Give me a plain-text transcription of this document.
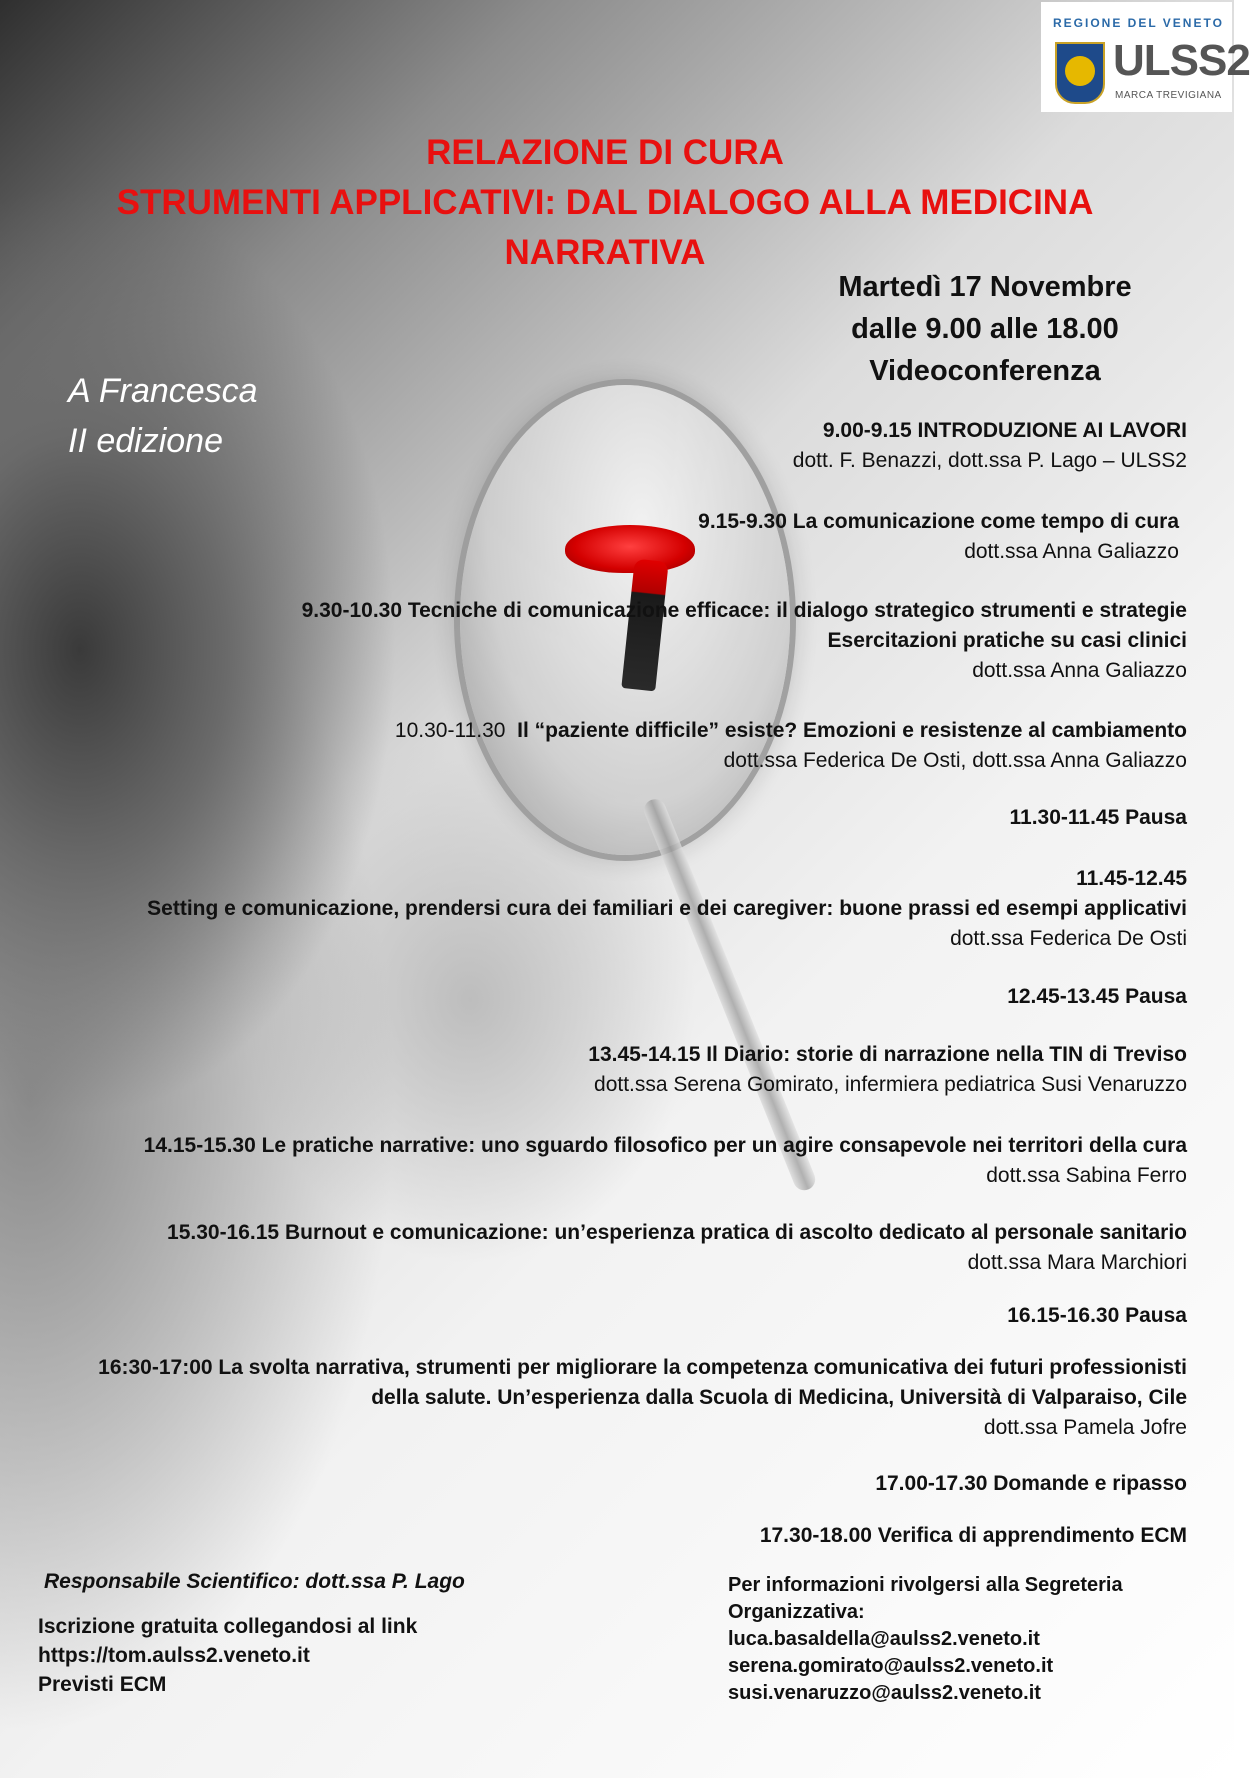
REGIONE DEL VENETO
ULSS2
MARCA TREVIGIANA
RELAZIONE DI CURA
STRUMENTI APPLICATIVI: DAL DIALOGO ALLA MEDICINA
NARRATIVA
Martedì 17 Novembre
dalle 9.00 alle 18.00
Videoconferenza
A Francesca
II edizione	9.00-9.15 INTRODUZIONE AI LAVORI
dott. F. Benazzi, dott.ssa P. Lago – ULSS2
9.15-9.30 La comunicazione come tempo di cura
dott.ssa Anna Galiazzo
9.30-10.30 Tecniche di comunicazione efficace: il dialogo strategico strumenti e strategie
Esercitazioni pratiche su casi clinici
dott.ssa Anna Galiazzo
10.30-11.30 Il “paziente difficile” esiste? Emozioni e resistenze al cambiamento
dott.ssa Federica De Osti, dott.ssa Anna Galiazzo
11.30-11.45 Pausa
11.45-12.45
Setting e comunicazione, prendersi cura dei familiari e dei caregiver: buone prassi ed esempi applicativi
dott.ssa Federica De Osti
12.45-13.45 Pausa
13.45-14.15 Il Diario: storie di narrazione nella TIN di Treviso
dott.ssa Serena Gomirato, infermiera pediatrica Susi Venaruzzo
14.15-15.30 Le pratiche narrative: uno sguardo filosofico per un agire consapevole nei territori della cura
dott.ssa Sabina Ferro
15.30-16.15 Burnout e comunicazione: un’esperienza pratica di ascolto dedicato al personale sanitario
dott.ssa Mara Marchiori
16.15-16.30 Pausa
16:30-17:00 La svolta narrativa, strumenti per migliorare la competenza comunicativa dei futuri professionisti
della salute. Un’esperienza dalla Scuola di Medicina, Università di Valparaiso, Cile
dott.ssa Pamela Jofre
17.00-17.30 Domande e ripasso
17.30-18.00 Verifica di apprendimento ECM
Responsabile Scientifico: dott.ssa P. Lago
Iscrizione gratuita collegandosi al link
https://tom.aulss2.veneto.it
Previsti ECM
Per informazioni rivolgersi alla Segreteria
Organizzativa:
luca.basaldella@aulss2.veneto.it
serena.gomirato@aulss2.veneto.it
susi.venaruzzo@aulss2.veneto.it
